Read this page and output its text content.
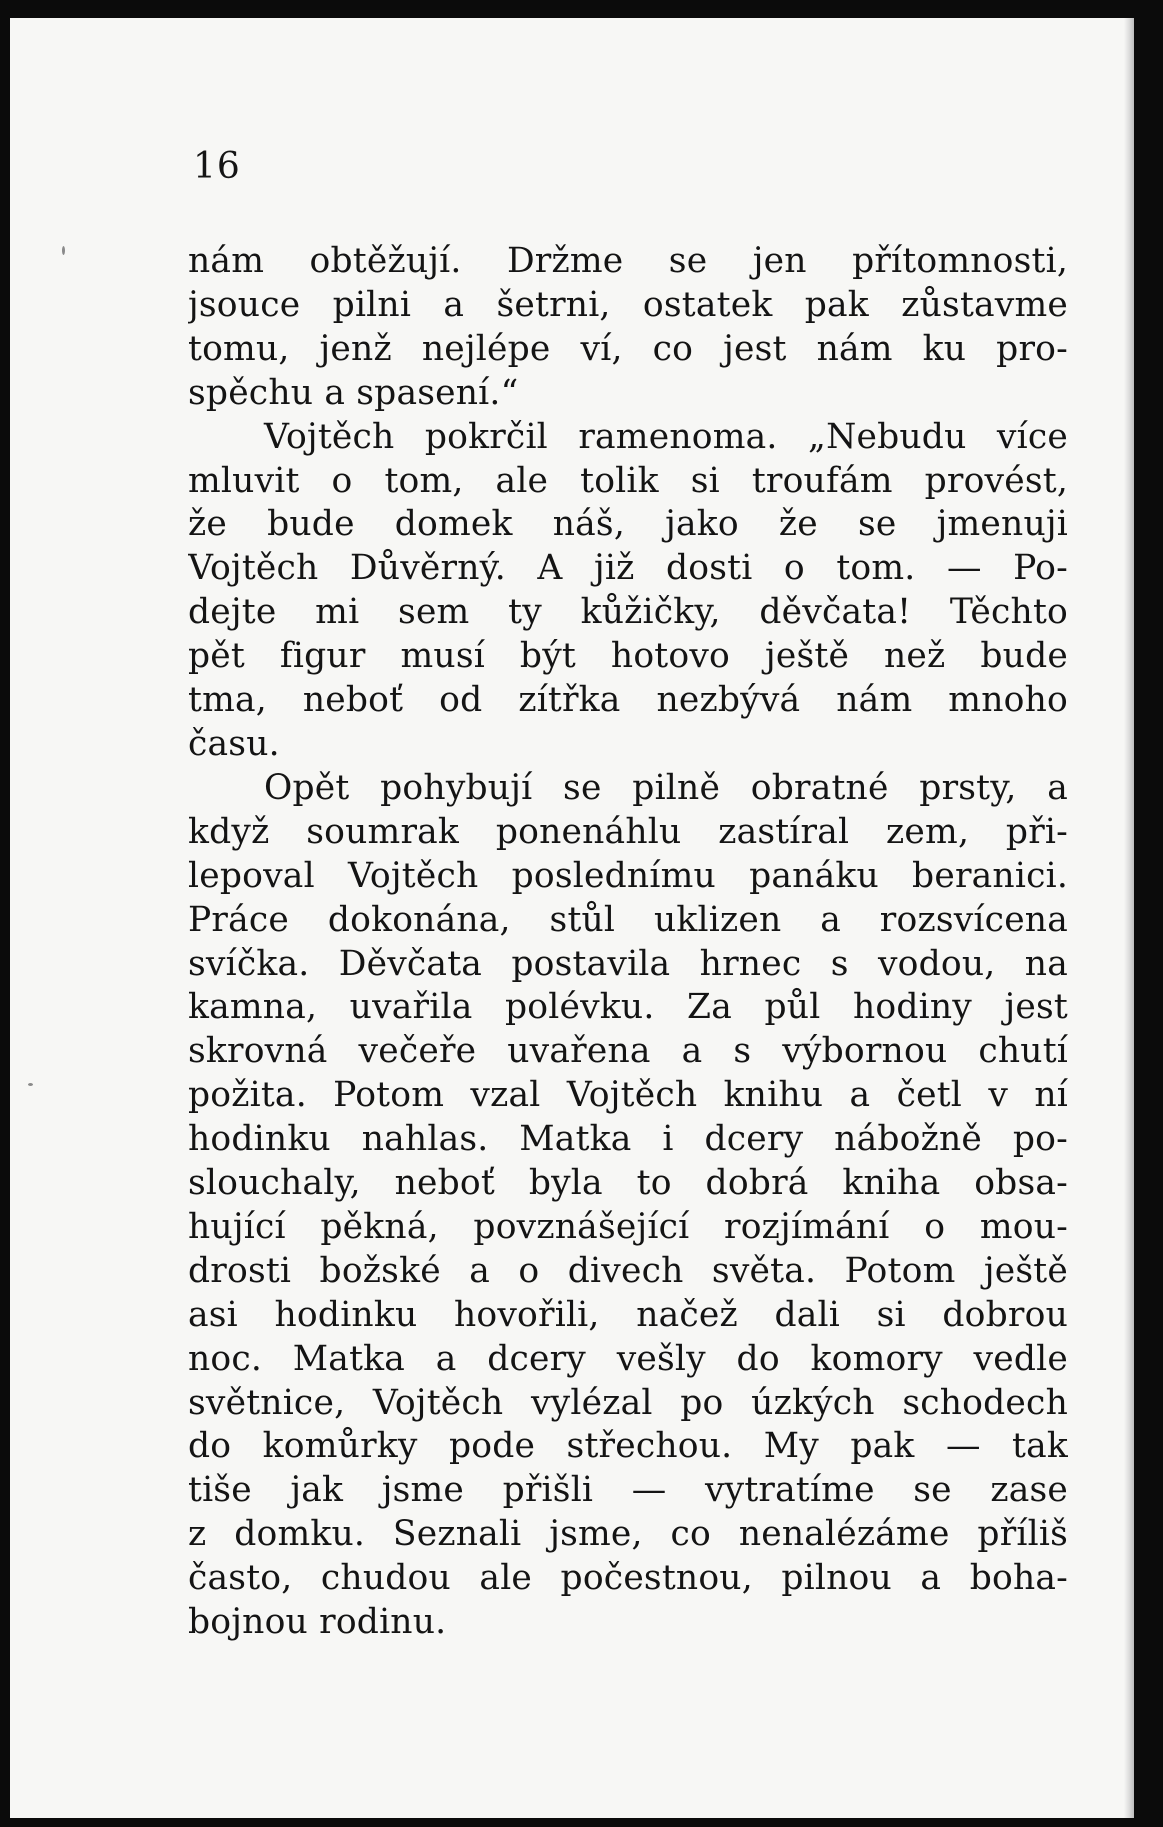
16
nám obtěžují. Držme se jen přítomnosti,
jsouce pilni a šetrni, ostatek pak zůstavme
tomu, jenž nejlépe ví, co jest nám ku pro-
spěchu a spasení.“
Vojtěch pokrčil ramenoma. „Nebudu více
mluvit o tom, ale tolik si troufám provést,
že bude domek náš, jako že se jmenuji
Vojtěch Důvěrný. A již dosti o tom. — Po-
dejte mi sem ty kůžičky, děvčata! Těchto
pět figur musí být hotovo ještě než bude
tma, neboť od zítřka nezbývá nám mnoho
času.
Opět pohybují se pilně obratné prsty, a
když soumrak ponenáhlu zastíral zem, při-
lepoval Vojtěch poslednímu panáku beranici.
Práce dokonána, stůl uklizen a rozsvícena
svíčka. Děvčata postavila hrnec s vodou, na
kamna, uvařila polévku. Za půl hodiny jest
skrovná večeře uvařena a s výbornou chutí
požita. Potom vzal Vojtěch knihu a četl v ní
hodinku nahlas. Matka i dcery nábožně po-
slouchaly, neboť byla to dobrá kniha obsa-
hující pěkná, povznášející rozjímání o mou-
drosti božské a o divech světa. Potom ještě
asi hodinku hovořili, načež dali si dobrou
noc. Matka a dcery vešly do komory vedle
světnice, Vojtěch vylézal po úzkých schodech
do komůrky pode střechou. My pak — tak
tiše jak jsme přišli — vytratíme se zase
z domku. Seznali jsme, co nenalézáme příliš
často, chudou ale počestnou, pilnou a boha-
bojnou rodinu.
